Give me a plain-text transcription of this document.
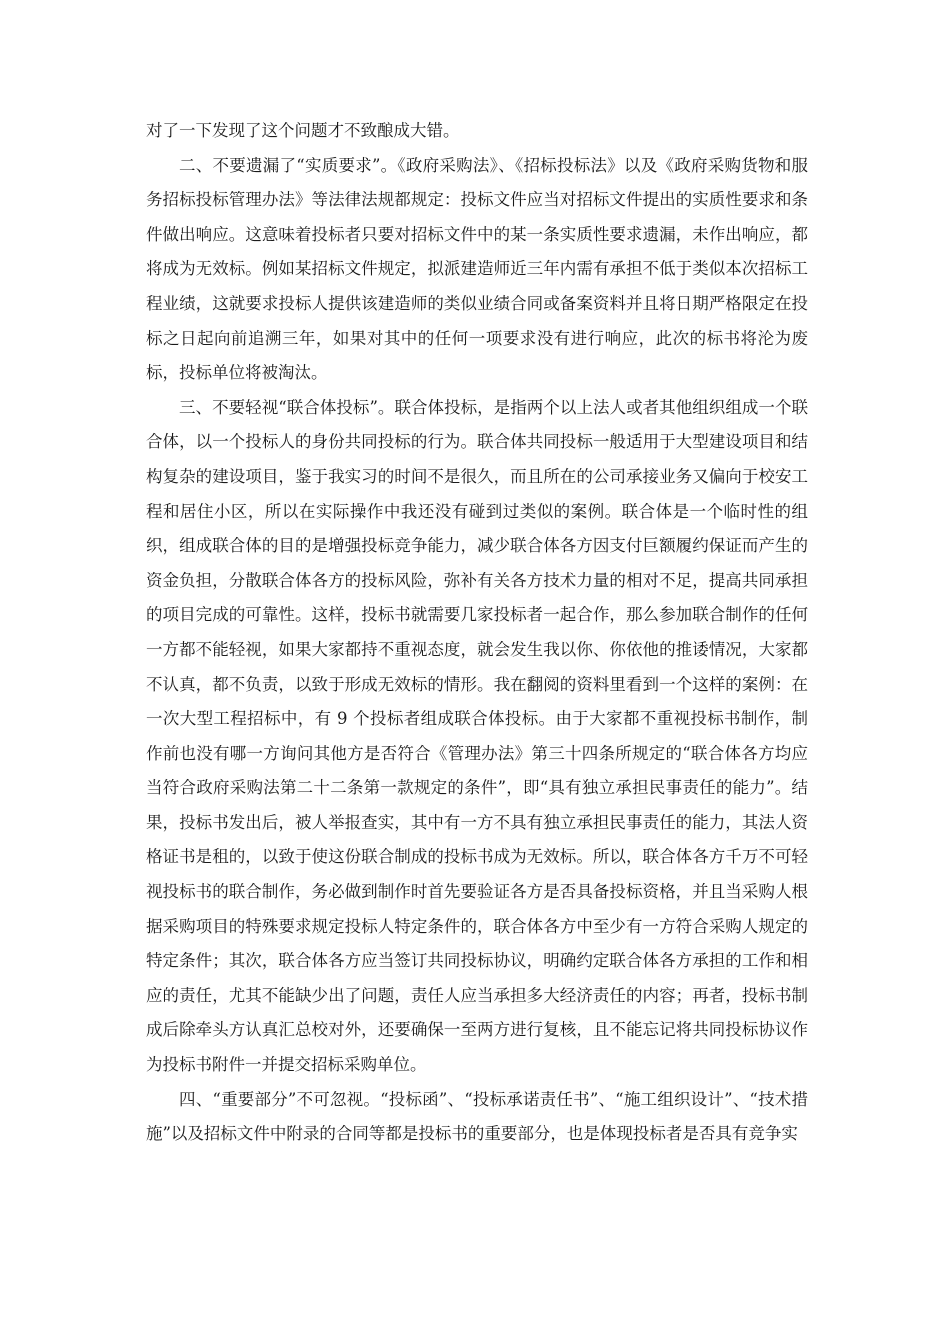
对了一下发现了这个问题才不致酿成大错。

二、不要遗漏了“实质要求”。《政府采购法》、《招标投标法》以及《政府采购货物和服务招标投标管理办法》等法律法规都规定：投标文件应当对招标文件提出的实质性要求和条件做出响应。这意味着投标者只要对招标文件中的某一条实质性要求遗漏，未作出响应，都将成为无效标。例如某招标文件规定，拟派建造师近三年内需有承担不低于类似本次招标工程业绩，这就要求投标人提供该建造师的类似业绩合同或备案资料并且将日期严格限定在投标之日起向前追溯三年，如果对其中的任何一项要求没有进行响应，此次的标书将沦为废标，投标单位将被淘汰。

三、不要轻视“联合体投标”。联合体投标，是指两个以上法人或者其他组织组成一个联合体，以一个投标人的身份共同投标的行为。联合体共同投标一般适用于大型建设项目和结构复杂的建设项目，鉴于我实习的时间不是很久，而且所在的公司承接业务又偏向于校安工程和居住小区，所以在实际操作中我还没有碰到过类似的案例。联合体是一个临时性的组织，组成联合体的目的是增强投标竞争能力，减少联合体各方因支付巨额履约保证而产生的资金负担，分散联合体各方的投标风险，弥补有关各方技术力量的相对不足，提高共同承担的项目完成的可靠性。这样，投标书就需要几家投标者一起合作，那么参加联合制作的任何一方都不能轻视，如果大家都持不重视态度，就会发生我以你、你依他的推诿情况，大家都不认真，都不负责，以致于形成无效标的情形。我在翻阅的资料里看到一个这样的案例：在一次大型工程招标中，有 9 个投标者组成联合体投标。由于大家都不重视投标书制作，制作前也没有哪一方询问其他方是否符合《管理办法》第三十四条所规定的“联合体各方均应当符合政府采购法第二十二条第一款规定的条件”，即“具有独立承担民事责任的能力”。结果，投标书发出后，被人举报查实，其中有一方不具有独立承担民事责任的能力，其法人资格证书是租的，以致于使这份联合制成的投标书成为无效标。所以，联合体各方千万不可轻视投标书的联合制作，务必做到制作时首先要验证各方是否具备投标资格，并且当采购人根据采购项目的特殊要求规定投标人特定条件的，联合体各方中至少有一方符合采购人规定的特定条件；其次，联合体各方应当签订共同投标协议，明确约定联合体各方承担的工作和相应的责任，尤其不能缺少出了问题，责任人应当承担多大经济责任的内容；再者，投标书制成后除牵头方认真汇总校对外，还要确保一至两方进行复核，且不能忘记将共同投标协议作为投标书附件一并提交招标采购单位。

四、“重要部分”不可忽视。“投标函”、“投标承诺责任书”、“施工组织设计”、“技术措施”以及招标文件中附录的合同等都是投标书的重要部分，也是体现投标者是否具有竞争实
